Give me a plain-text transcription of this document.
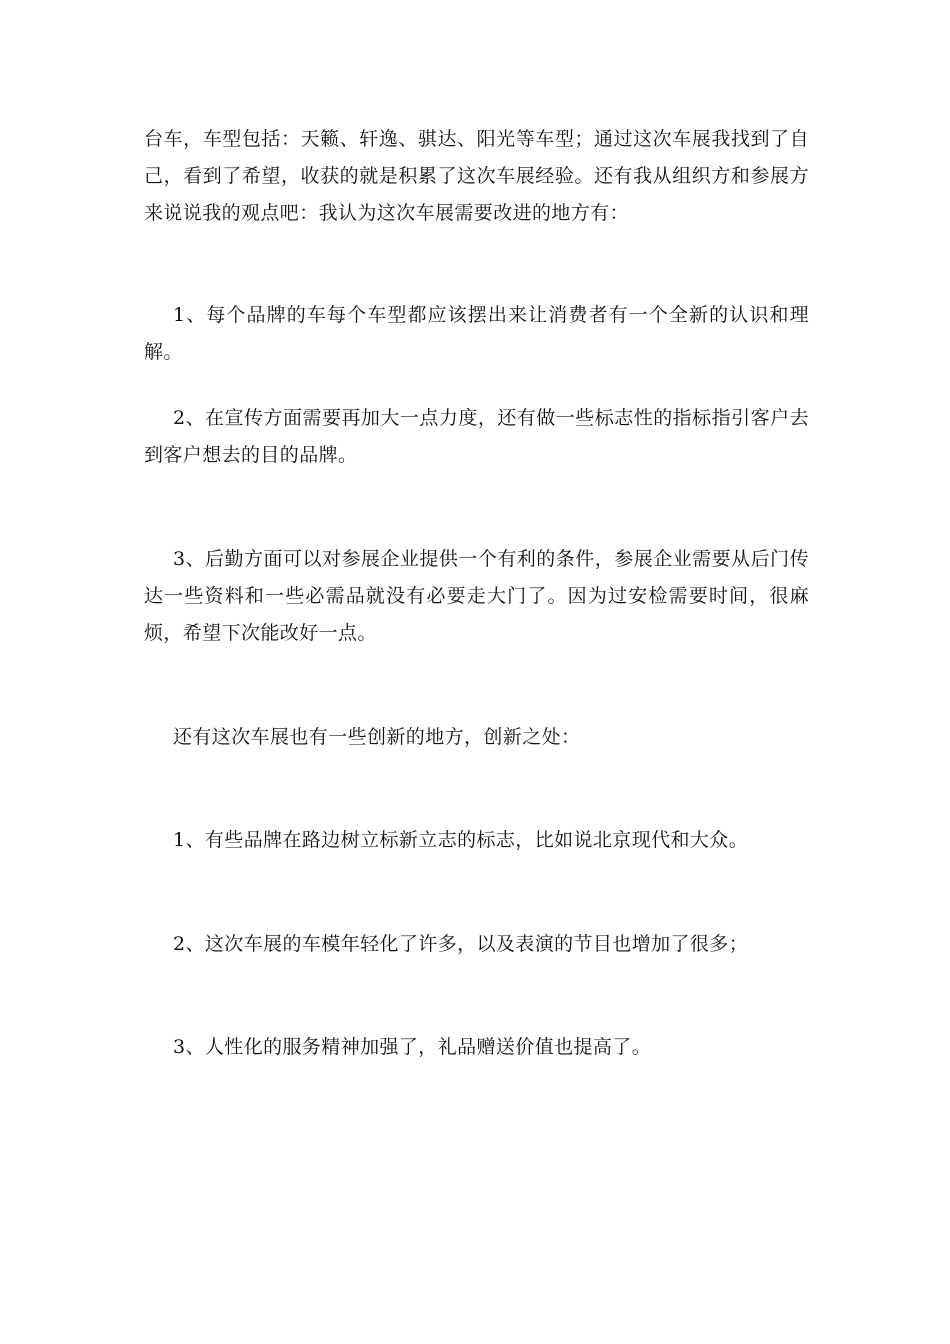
台车，车型包括：天籁、轩逸、骐达、阳光等车型；通过这次车展我找到了自己，看到了希望，收获的就是积累了这次车展经验。还有我从组织方和参展方来说说我的观点吧：我认为这次车展需要改进的地方有：

1、每个品牌的车每个车型都应该摆出来让消费者有一个全新的认识和理解。

2、在宣传方面需要再加大一点力度，还有做一些标志性的指标指引客户去到客户想去的目的品牌。

3、后勤方面可以对参展企业提供一个有利的条件，参展企业需要从后门传达一些资料和一些必需品就没有必要走大门了。因为过安检需要时间，很麻烦，希望下次能改好一点。

还有这次车展也有一些创新的地方，创新之处：

1、有些品牌在路边树立标新立志的标志，比如说北京现代和大众。

2、这次车展的车模年轻化了许多，以及表演的节目也增加了很多；

3、人性化的服务精神加强了，礼品赠送价值也提高了。
